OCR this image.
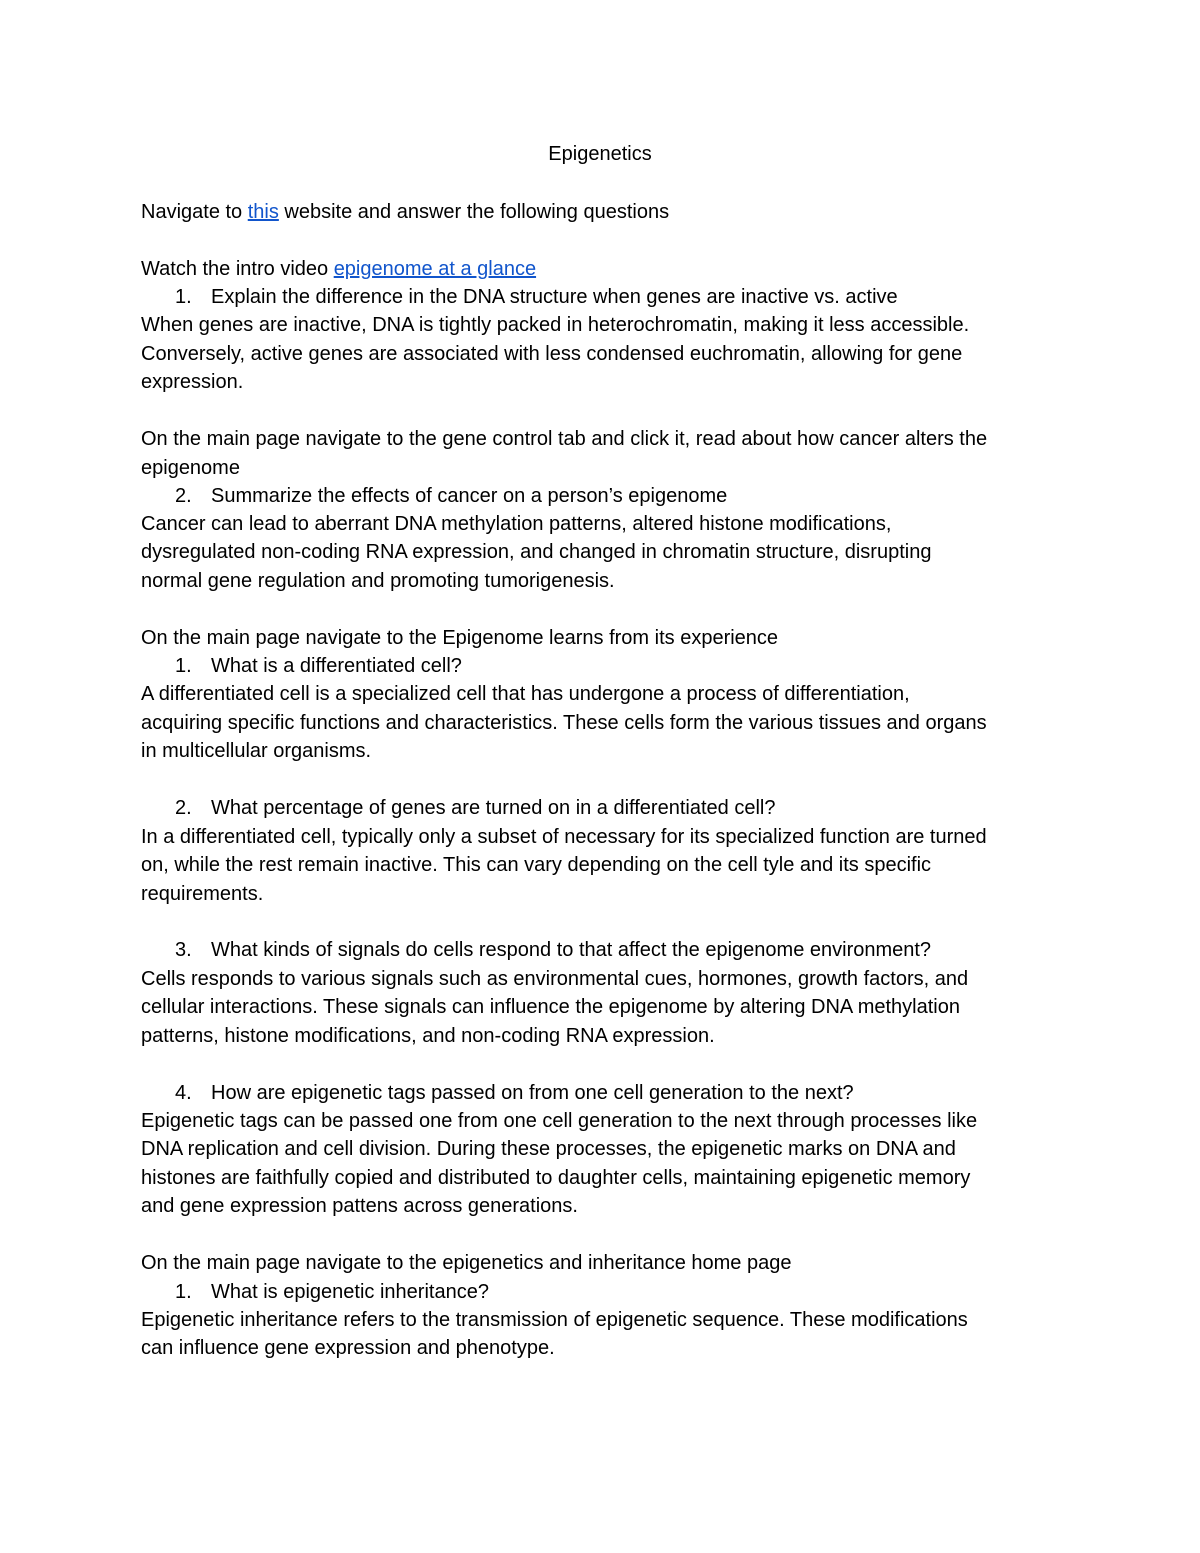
Epigenetics
Navigate to this website and answer the following questions
Watch the intro video epigenome at a glance
1. Explain the difference in the DNA structure when genes are inactive vs. active
When genes are inactive, DNA is tightly packed in heterochromatin, making it less accessible.
Conversely, active genes are associated with less condensed euchromatin, allowing for gene
expression.
On the main page navigate to the gene control tab and click it, read about how cancer alters the
epigenome
2. Summarize the effects of cancer on a person’s epigenome
Cancer can lead to aberrant DNA methylation patterns, altered histone modifications,
dysregulated non-coding RNA expression, and changed in chromatin structure, disrupting
normal gene regulation and promoting tumorigenesis.
On the main page navigate to the Epigenome learns from its experience
1. What is a differentiated cell?
A differentiated cell is a specialized cell that has undergone a process of differentiation,
acquiring specific functions and characteristics. These cells form the various tissues and organs
in multicellular organisms.
2. What percentage of genes are turned on in a differentiated cell?
In a differentiated cell, typically only a subset of necessary for its specialized function are turned
on, while the rest remain inactive. This can vary depending on the cell tyle and its specific
requirements.
3. What kinds of signals do cells respond to that affect the epigenome environment?
Cells responds to various signals such as environmental cues, hormones, growth factors, and
cellular interactions. These signals can influence the epigenome by altering DNA methylation
patterns, histone modifications, and non-coding RNA expression.
4. How are epigenetic tags passed on from one cell generation to the next?
Epigenetic tags can be passed one from one cell generation to the next through processes like
DNA replication and cell division. During these processes, the epigenetic marks on DNA and
histones are faithfully copied and distributed to daughter cells, maintaining epigenetic memory
and gene expression pattens across generations.
On the main page navigate to the epigenetics and inheritance home page
1. What is epigenetic inheritance?
Epigenetic inheritance refers to the transmission of epigenetic sequence. These modifications
can influence gene expression and phenotype.
